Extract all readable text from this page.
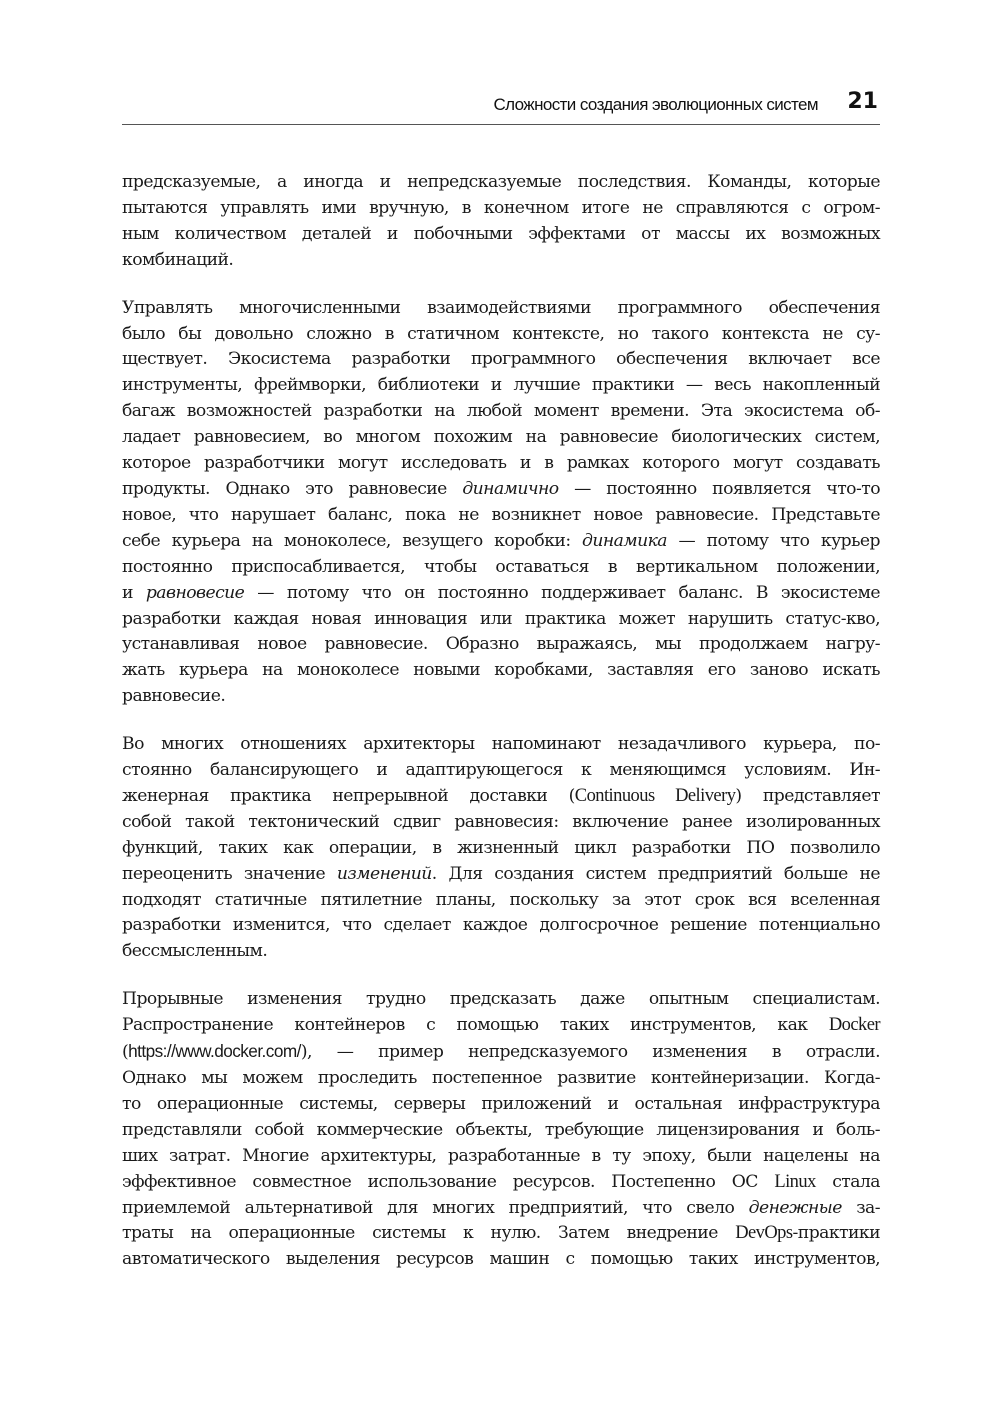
Сложности создания эволюционных систем 21

предсказуемые, а иногда и непредсказуемые последствия. Команды, которые
пытаются управлять ими вручную, в конечном итоге не справляются с огром-
ным количеством деталей и побочными эффектами от массы их возможных
комбинаций.

Управлять многочисленными взаимодействиями программного обеспечения
было бы довольно сложно в статичном контексте, но такого контекста не су-
ществует. Экосистема разработки программного обеспечения включает все
инструменты, фреймворки, библиотеки и лучшие практики — весь накопленный
багаж возможностей разработки на любой момент времени. Эта экосистема об-
ладает равновесием, во многом похожим на равновесие биологических систем,
которое разработчики могут исследовать и в рамках которого могут создавать
продукты. Однако это равновесие динамично — постоянно появляется что-то
новое, что нарушает баланс, пока не возникнет новое равновесие. Представьте
себе курьера на моноколесе, везущего коробки: динамика — потому что курьер
постоянно приспосабливается, чтобы оставаться в вертикальном положении,
и равновесие — потому что он постоянно поддерживает баланс. В экосистеме
разработки каждая новая инновация или практика может нарушить статус-кво,
устанавливая новое равновесие. Образно выражаясь, мы продолжаем нагру-
жать курьера на моноколесе новыми коробками, заставляя его заново искать
равновесие.

Во многих отношениях архитекторы напоминают незадачливого курьера, по-
стоянно балансирующего и адаптирующегося к меняющимся условиям. Ин-
женерная практика непрерывной доставки (Continuous Delivery) представляет
собой такой тектонический сдвиг равновесия: включение ранее изолированных
функций, таких как операции, в жизненный цикл разработки ПО позволило
переоценить значение изменений. Для создания систем предприятий больше не
подходят статичные пятилетние планы, поскольку за этот срок вся вселенная
разработки изменится, что сделает каждое долгосрочное решение потенциально
бессмысленным.

Прорывные изменения трудно предсказать даже опытным специалистам.
Распространение контейнеров с помощью таких инструментов, как Docker
(https://www.docker.com/), — пример непредсказуемого изменения в отрасли.
Однако мы можем проследить постепенное развитие контейнеризации. Когда-
то операционные системы, серверы приложений и остальная инфраструктура
представляли собой коммерческие объекты, требующие лицензирования и боль-
ших затрат. Многие архитектуры, разработанные в ту эпоху, были нацелены на
эффективное совместное использование ресурсов. Постепенно ОС Linux стала
приемлемой альтернативой для многих предприятий, что свело денежные за-
траты на операционные системы к нулю. Затем внедрение DevOps-практики
автоматического выделения ресурсов машин с помощью таких инструментов,
